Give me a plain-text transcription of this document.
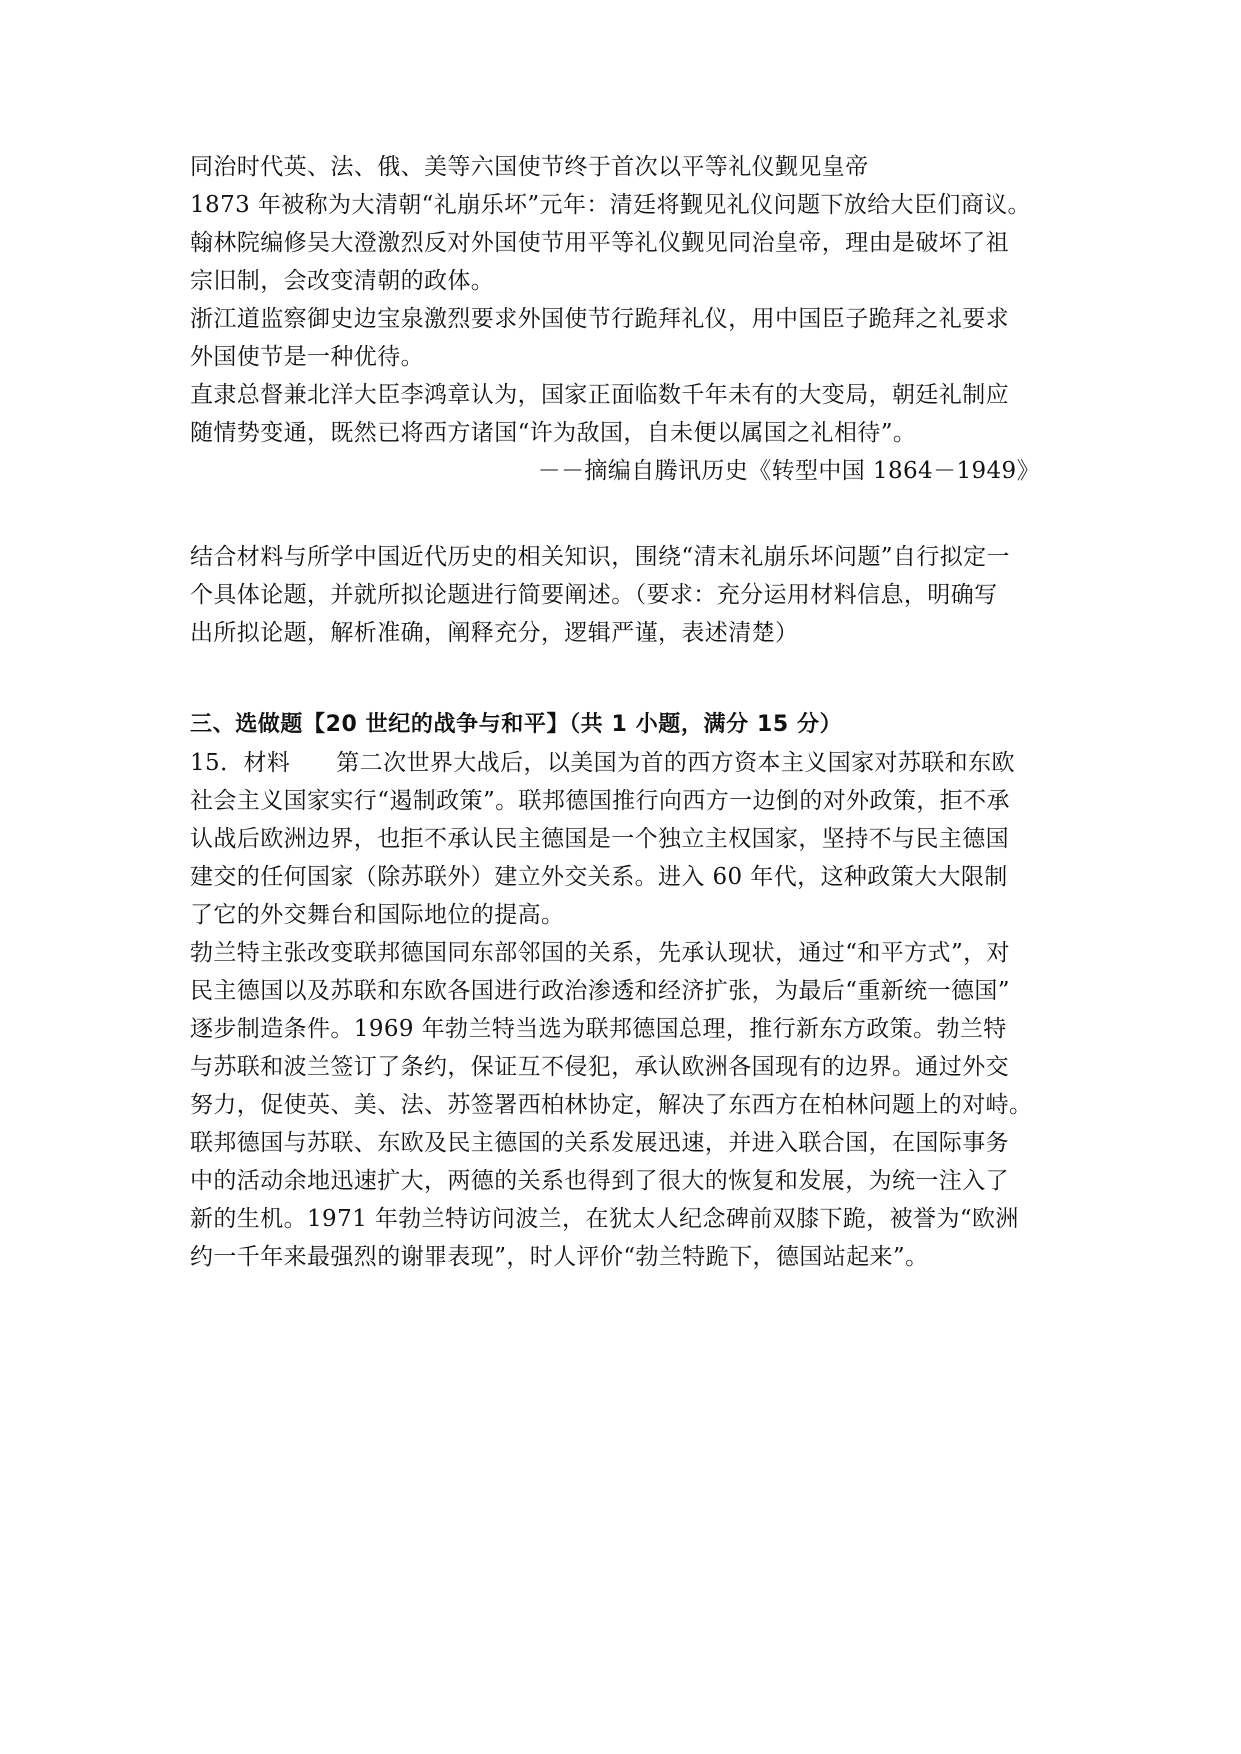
同治时代英、法、俄、美等六国使节终于首次以平等礼仪觐见皇帝
1873 年被称为大清朝“礼崩乐坏”元年：清廷将觐见礼仪问题下放给大臣们商议。
翰林院编修吴大澄激烈反对外国使节用平等礼仪觐见同治皇帝，理由是破坏了祖
宗旧制，会改变清朝的政体。
浙江道监察御史边宝泉激烈要求外国使节行跪拜礼仪，用中国臣子跪拜之礼要求
外国使节是一种优待。
直隶总督兼北洋大臣李鸿章认为，国家正面临数千年未有的大变局，朝廷礼制应
随情势变通，既然已将西方诸国“许为敌国，自未便以属国之礼相待”。
－－摘编自腾讯历史《转型中国 1864－1949》
结合材料与所学中国近代历史的相关知识，围绕“清末礼崩乐坏问题”自行拟定一
个具体论题，并就所拟论题进行简要阐述。（要求：充分运用材料信息，明确写
出所拟论题，解析准确，阐释充分，逻辑严谨，表述清楚）
三、选做题【20 世纪的战争与和平】（共 1 小题，满分 15 分）
15．材料 第二次世界大战后，以美国为首的西方资本主义国家对苏联和东欧
社会主义国家实行“遏制政策”。联邦德国推行向西方一边倒的对外政策，拒不承
认战后欧洲边界，也拒不承认民主德国是一个独立主权国家，坚持不与民主德国
建交的任何国家（除苏联外）建立外交关系。进入 60 年代，这种政策大大限制
了它的外交舞台和国际地位的提高。
勃兰特主张改变联邦德国同东部邻国的关系，先承认现状，通过“和平方式”，对
民主德国以及苏联和东欧各国进行政治渗透和经济扩张，为最后“重新统一德国”
逐步制造条件。1969 年勃兰特当选为联邦德国总理，推行新东方政策。勃兰特
与苏联和波兰签订了条约，保证互不侵犯，承认欧洲各国现有的边界。通过外交
努力，促使英、美、法、苏签署西柏林协定，解决了东西方在柏林问题上的对峙。
联邦德国与苏联、东欧及民主德国的关系发展迅速，并进入联合国，在国际事务
中的活动余地迅速扩大，两德的关系也得到了很大的恢复和发展，为统一注入了
新的生机。1971 年勃兰特访问波兰，在犹太人纪念碑前双膝下跪，被誉为“欧洲
约一千年来最强烈的谢罪表现”，时人评价“勃兰特跪下，德国站起来”。
